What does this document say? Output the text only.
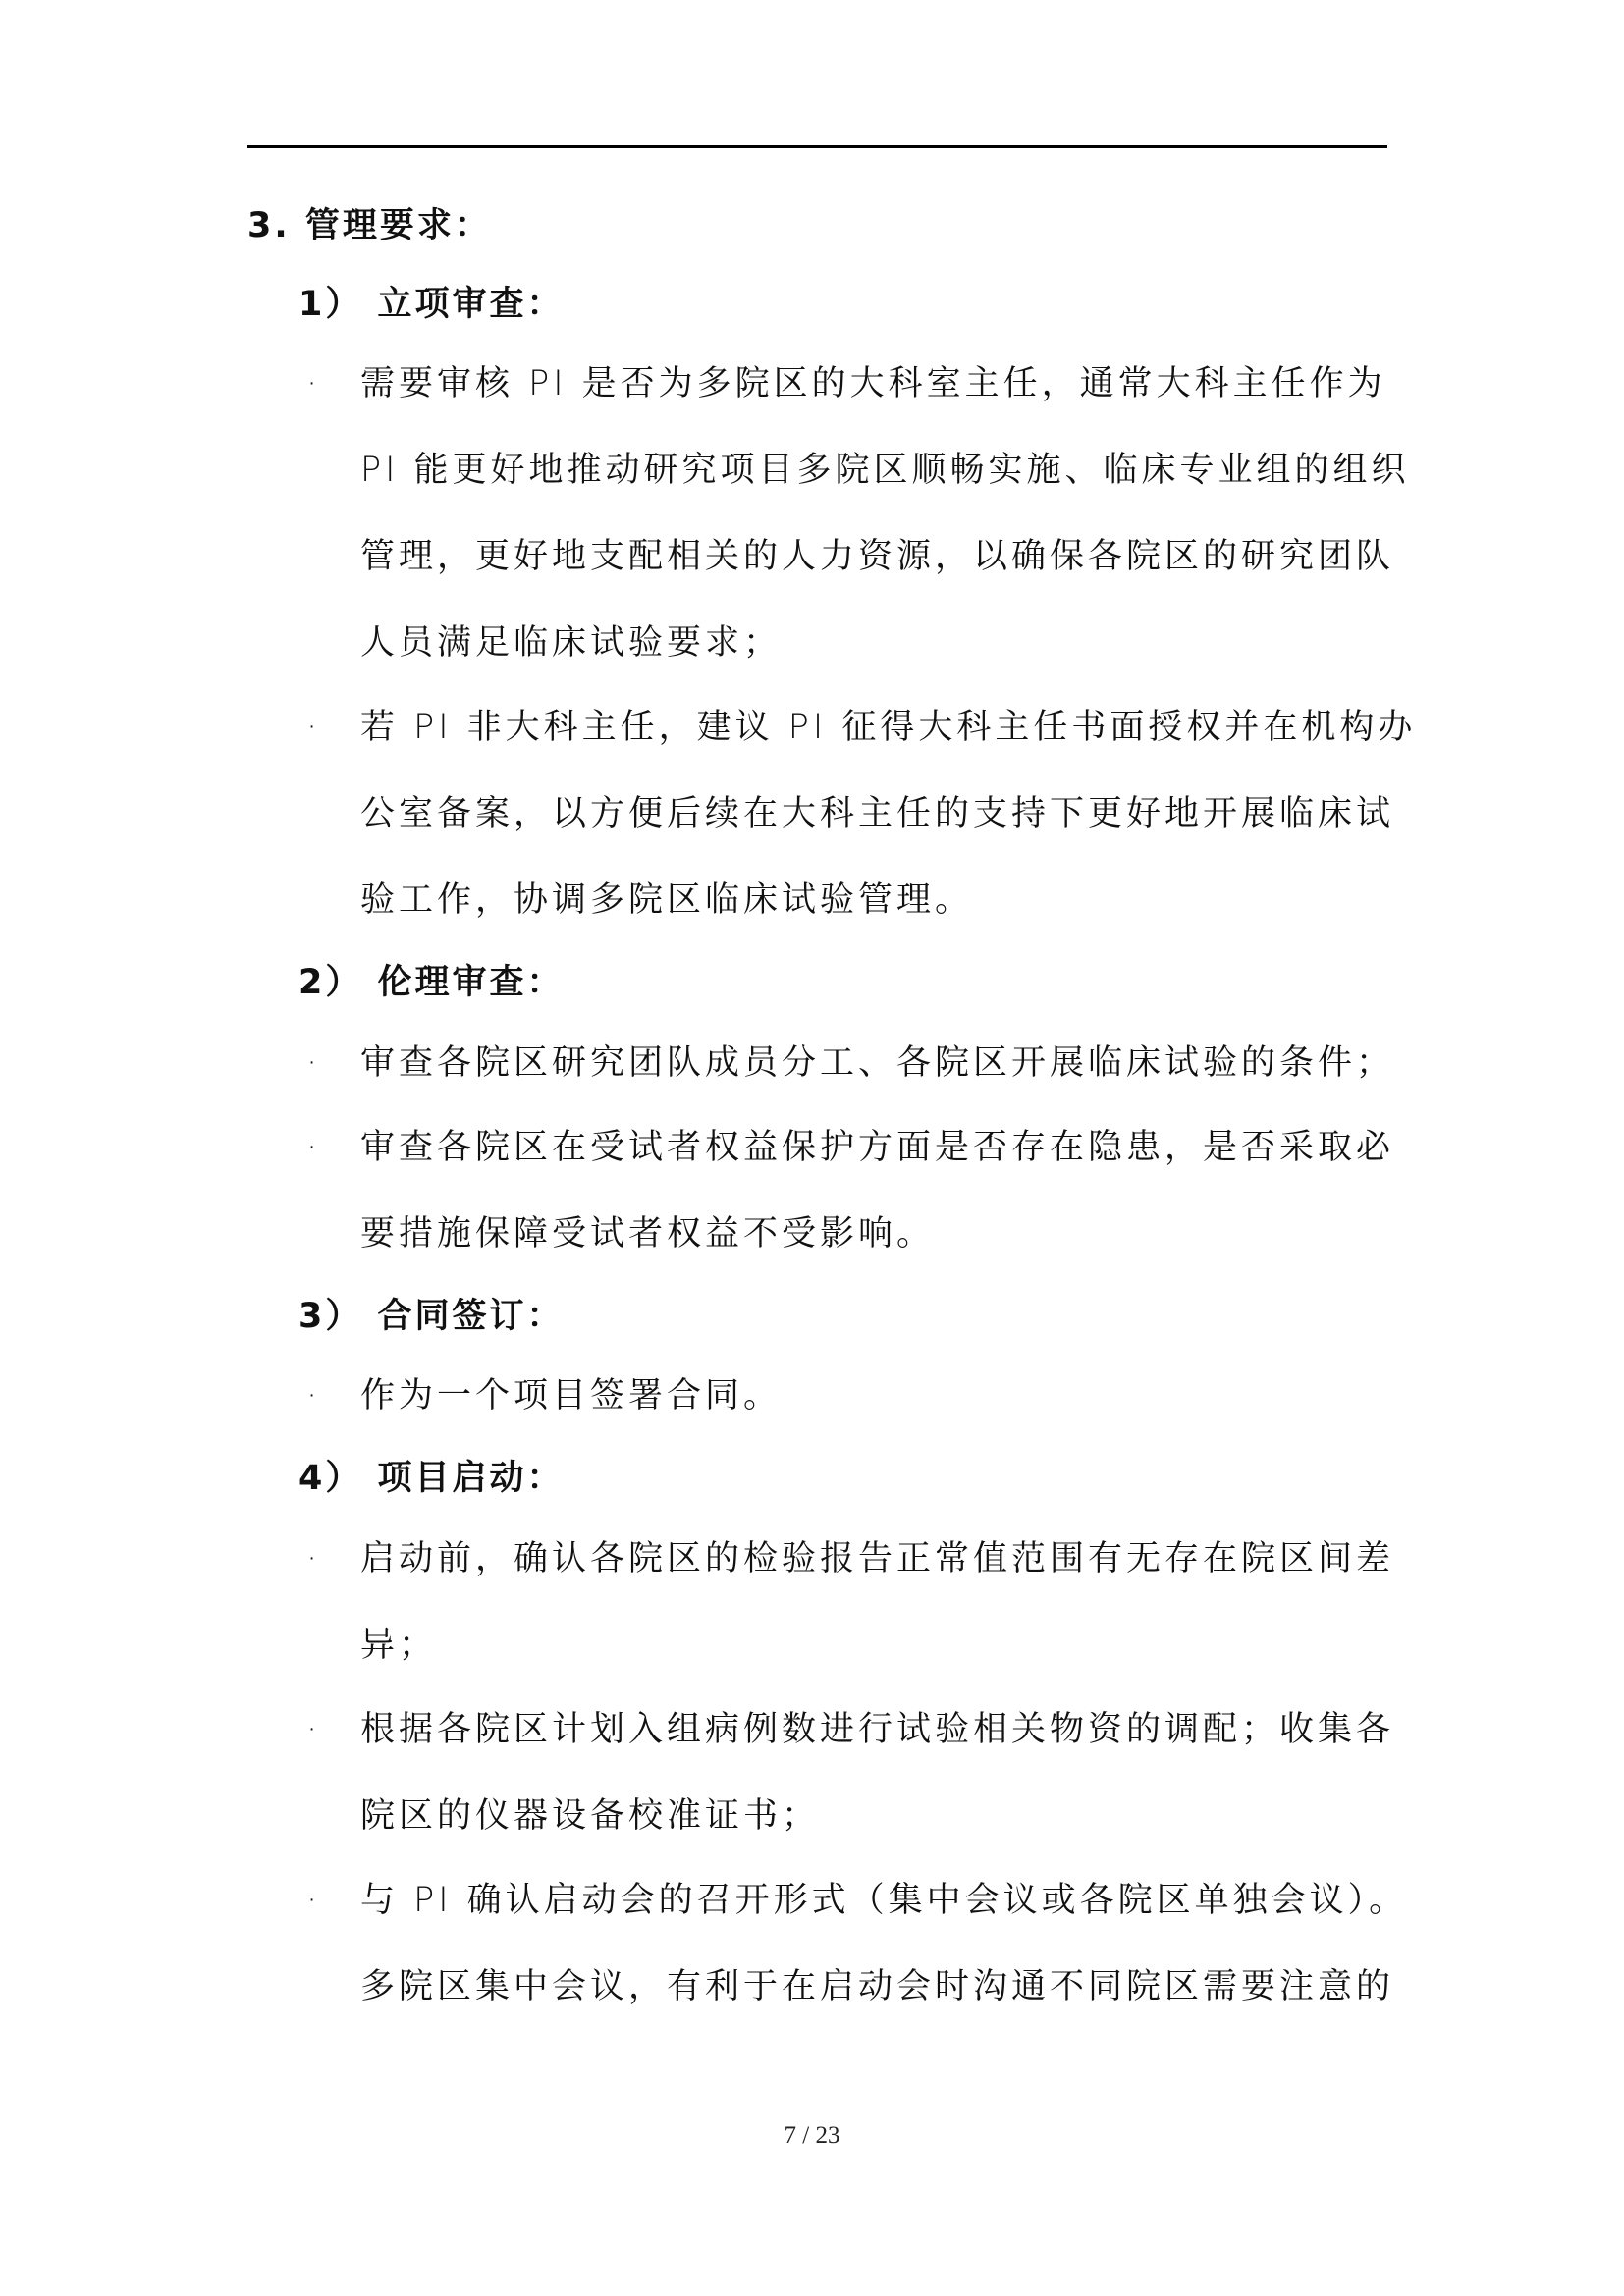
3. 管理要求：
1） 立项审查：
· 需要审核 PI 是否为多院区的大科室主任，通常大科主任作为
PI 能更好地推动研究项目多院区顺畅实施、临床专业组的组织
管理，更好地支配相关的人力资源，以确保各院区的研究团队
人员满足临床试验要求；
· 若 PI 非大科主任，建议 PI 征得大科主任书面授权并在机构办
公室备案，以方便后续在大科主任的支持下更好地开展临床试
验工作，协调多院区临床试验管理。
2） 伦理审查：
· 审查各院区研究团队成员分工、各院区开展临床试验的条件；
· 审查各院区在受试者权益保护方面是否存在隐患，是否采取必
要措施保障受试者权益不受影响。
3） 合同签订：
· 作为一个项目签署合同。
4） 项目启动：
· 启动前，确认各院区的检验报告正常值范围有无存在院区间差
异；
· 根据各院区计划入组病例数进行试验相关物资的调配；收集各
院区的仪器设备校准证书；
· 与 PI 确认启动会的召开形式（集中会议或各院区单独会议）。
多院区集中会议，有利于在启动会时沟通不同院区需要注意的
7 / 23
